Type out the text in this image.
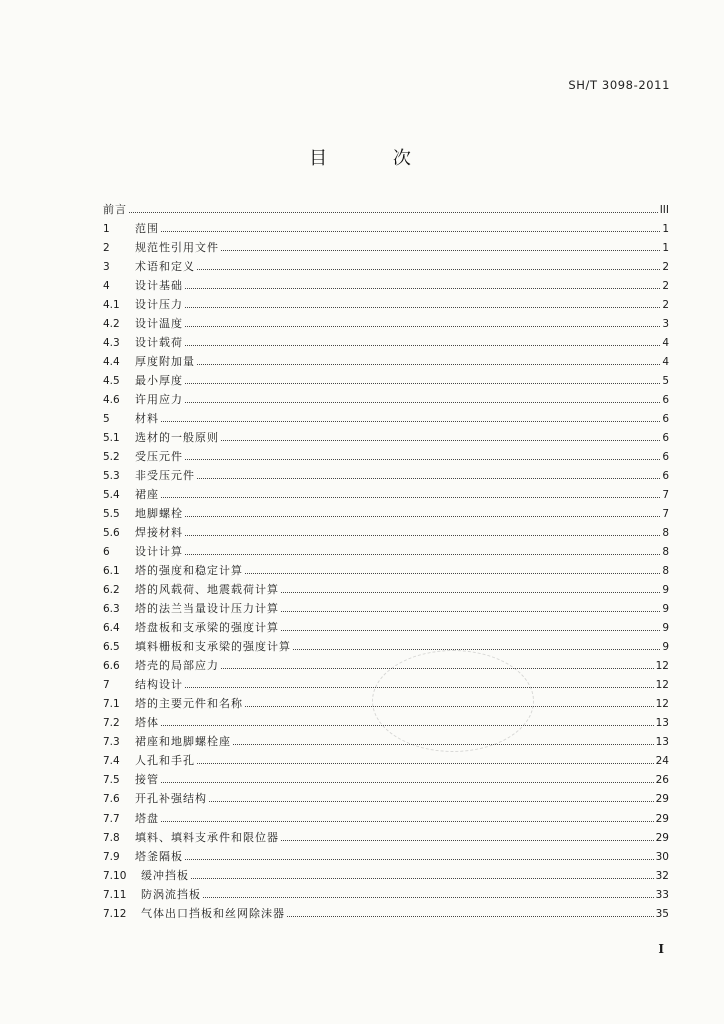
SH/T 3098-2011
目 次
前言	III
1	范围	1
2	规范性引用文件	1
3	术语和定义	2
4	设计基础	2
4.1	设计压力	2
4.2	设计温度	3
4.3	设计载荷	4
4.4	厚度附加量	4
4.5	最小厚度	5
4.6	许用应力	6
5	材料	6
5.1	选材的一般原则	6
5.2	受压元件	6
5.3	非受压元件	6
5.4	裙座	7
5.5	地脚螺栓	7
5.6	焊接材料	8
6	设计计算	8
6.1	塔的强度和稳定计算	8
6.2	塔的风载荷、地震载荷计算	9
6.3	塔的法兰当量设计压力计算	9
6.4	塔盘板和支承梁的强度计算	9
6.5	填料栅板和支承梁的强度计算	9
6.6	塔壳的局部应力	12
7	结构设计	12
7.1	塔的主要元件和名称	12
7.2	塔体	13
7.3	裙座和地脚螺栓座	13
7.4	人孔和手孔	24
7.5	接管	26
7.6	开孔补强结构	29
7.7	塔盘	29
7.8	填料、填料支承件和限位器	29
7.9	塔釜隔板	30
7.10	缓冲挡板	32
7.11	防涡流挡板	33
7.12	气体出口挡板和丝网除沫器	35
I
